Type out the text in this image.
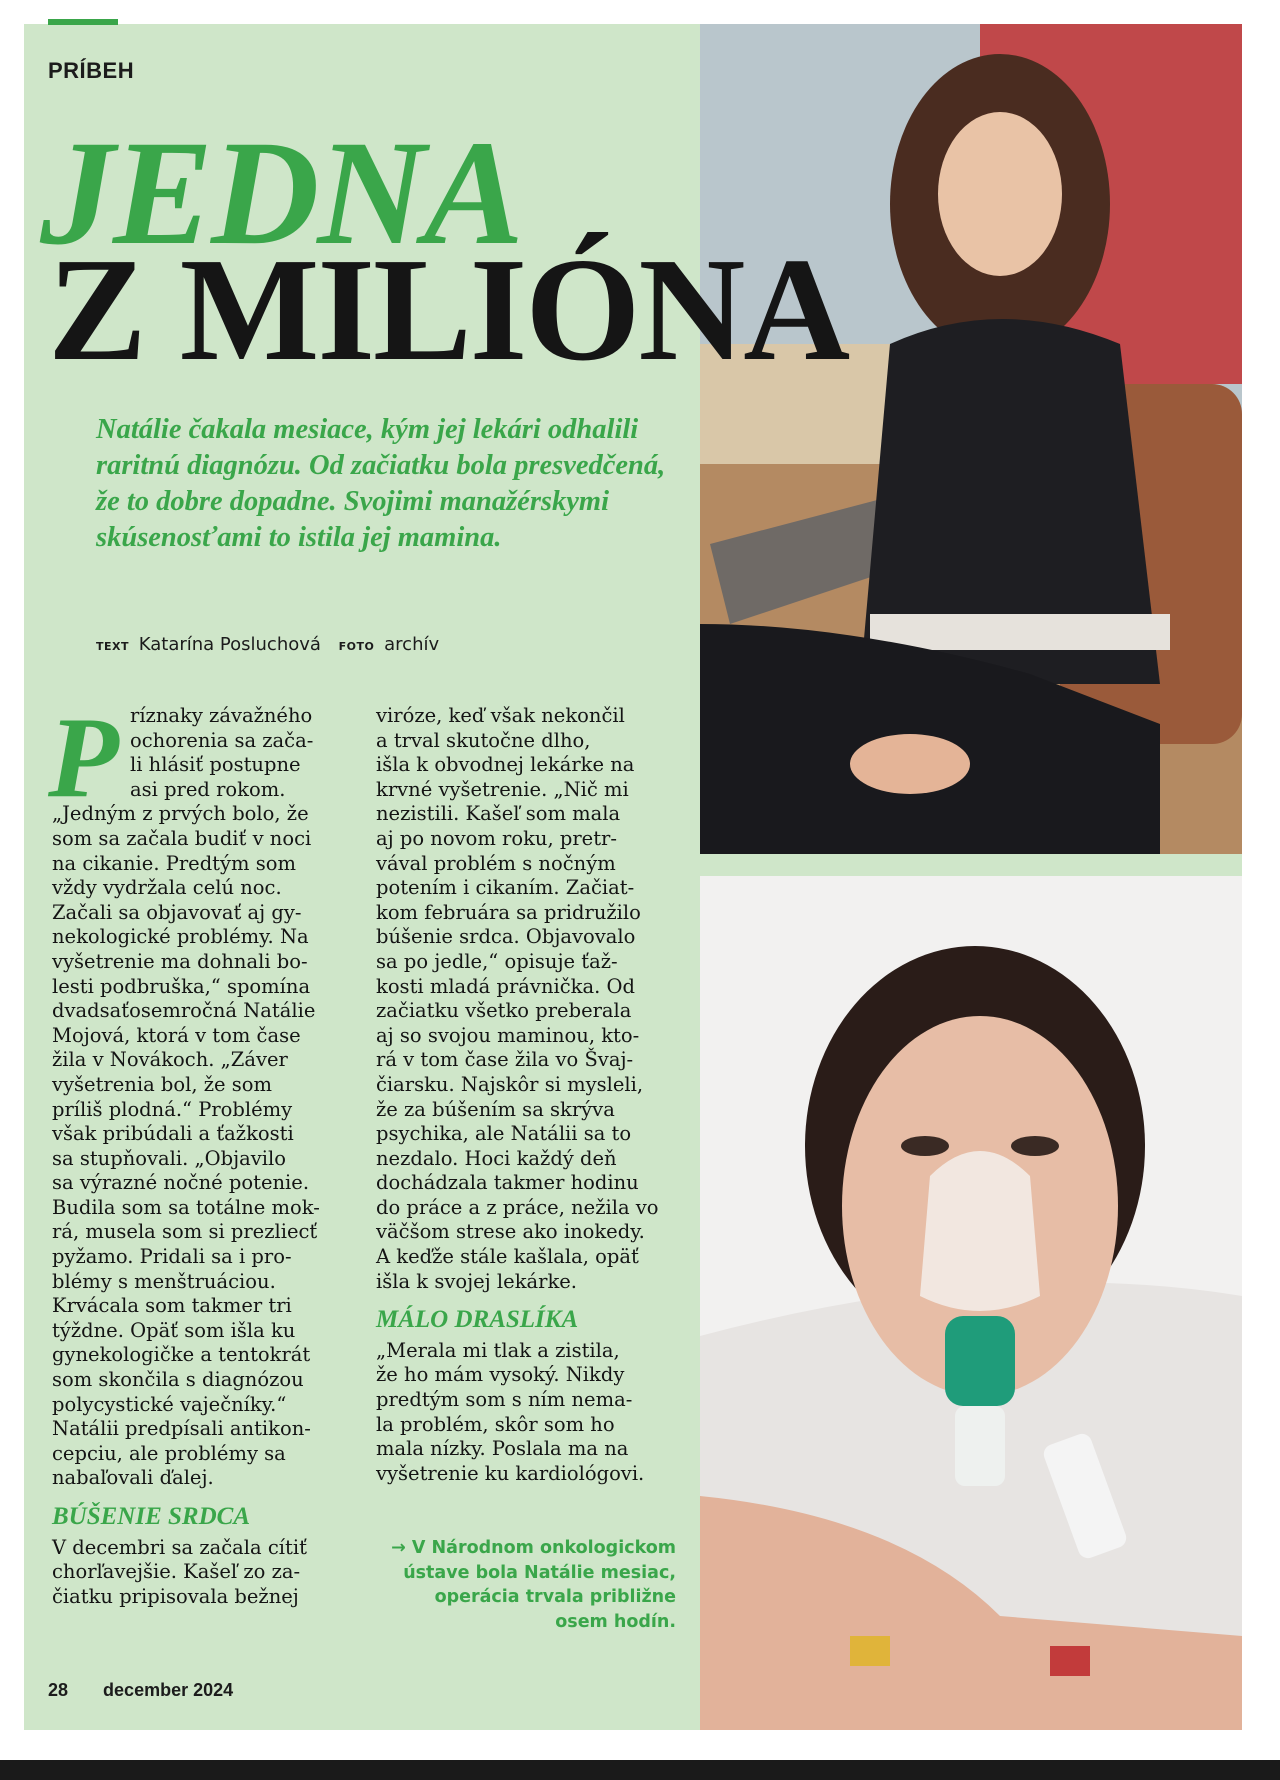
PRÍBEH
JEDNA
Z MILIÓNA
Natálie čakala mesiace, kým jej lekári odhalili raritnú diagnózu. Od začiatku bola presvedčená, že to dobre dopadne. Svojimi manažérskymi skúsenosťami to istila jej mamina.
TEXT Katarína Posluchová FOTO archív
P ríznaky závažného

ochorenia sa zača-

li hlásiť postupne

asi pred rokom.

„Jedným z prvých bolo, že

som sa začala budiť v noci

na cikanie. Predtým som

vždy vydržala celú noc.

Začali sa objavovať aj gy-

nekologické problémy. Na

vyšetrenie ma dohnali bo-

lesti podbruška,“ spomína

dvadsaťosemročná Natálie

Mojová, ktorá v tom čase

žila v Novákoch. „Záver

vyšetrenia bol, že som

príliš plodná.“ Problémy

však pribúdali a ťažkosti

sa stupňovali. „Objavilo

sa výrazné nočné potenie.

Budila som sa totálne mok-

rá, musela som si prezliecť

pyžamo. Pridali sa i pro-

blémy s menštruáciou.

Krvácala som takmer tri

týždne. Opäť som išla ku

gynekologičke a tentokrát

som skončila s diagnózou

polycystické vaječníky.“

Natálii predpísali antikon-

cepciu, ale problémy sa

nabaľovali ďalej.

BÚŠENIE SRDCA

V decembri sa začala cítiť

chorľavejšie. Kašeľ zo za-

čiatku pripisovala bežnej

viróze, keď však nekončil

a trval skutočne dlho,

išla k obvodnej lekárke na

krvné vyšetrenie. „Nič mi

nezistili. Kašeľ som mala

aj po novom roku, pretr-

vával problém s nočným

potením i cikaním. Začiat-

kom februára sa pridružilo

búšenie srdca. Objavovalo

sa po jedle,“ opisuje ťaž-

kosti mladá právnička. Od

začiatku všetko preberala

aj so svojou maminou, kto-

rá v tom čase žila vo Švaj-

čiarsku. Najskôr si mysleli,

že za búšením sa skrýva

psychika, ale Natálii sa to

nezdalo. Hoci každý deň

dochádzala takmer hodinu

do práce a z práce, nežila vo

väčšom strese ako inokedy.

A keďže stále kašlala, opäť

išla k svojej lekárke.

MÁLO DRASLÍKA

„Merala mi tlak a zistila,

že ho mám vysoký. Nikdy

predtým som s ním nema-

la problém, skôr som ho

mala nízky. Poslala ma na

vyšetrenie ku kardiológovi.

→ V Národnom onkologickom

ústave bola Natálie mesiac,

operácia trvala približne

osem hodín.

28 december 2024
